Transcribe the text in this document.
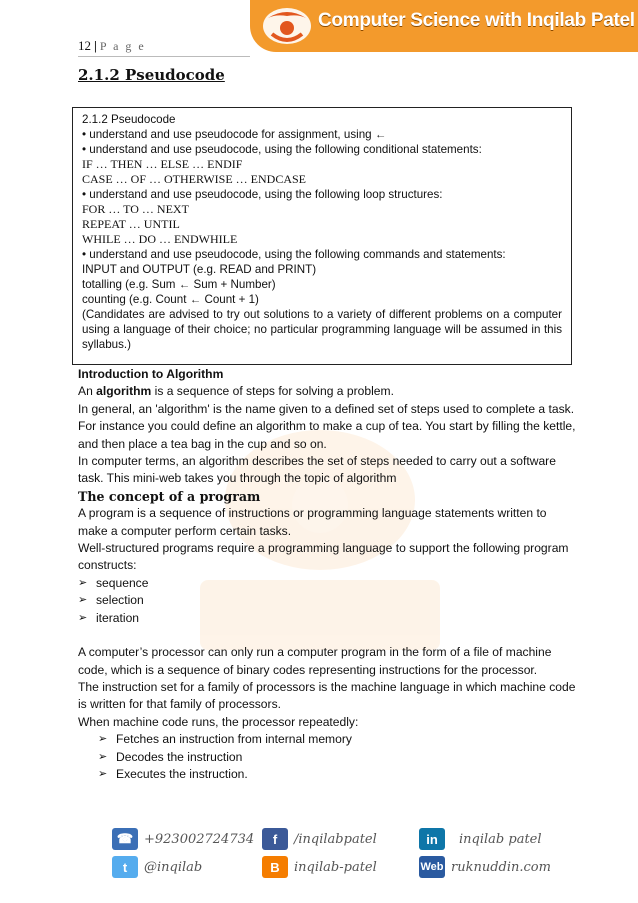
12 | P a g e
Computer Science with Inqilab Patel
2.1.2 Pseudocode
2.1.2 Pseudocode
• understand and use pseudocode for assignment, using ←
• understand and use pseudocode, using the following conditional statements:
IF … THEN … ELSE … ENDIF
CASE … OF … OTHERWISE … ENDCASE
• understand and use pseudocode, using the following loop structures:
FOR … TO … NEXT
REPEAT … UNTIL
WHILE … DO … ENDWHILE
• understand and use pseudocode, using the following commands and statements:
INPUT and OUTPUT (e.g. READ and PRINT)
totalling (e.g. Sum ← Sum + Number)
counting (e.g. Count ← Count + 1)
(Candidates are advised to try out solutions to a variety of different problems on a computer using a language of their choice; no particular programming language will be assumed in this syllabus.)

Introduction to Algorithm

An algorithm is a sequence of steps for solving a problem.

In general, an 'algorithm' is the name given to a defined set of steps used to complete a task.

For instance you could define an algorithm to make a cup of tea. You start by filling the kettle, and then place a tea bag in the cup and so on.

In computer terms, an algorithm describes the set of steps needed to carry out a software task. This mini-web takes you through the topic of algorithm

The concept of a program

A program is a sequence of instructions or programming language statements written to make a computer perform certain tasks.

Well-structured programs require a programming language to support the following program constructs:

➢ sequence
➢ selection
➢ iteration

A computer’s processor can only run a computer program in the form of a file of machine code, which is a sequence of binary codes representing instructions for the processor.

The instruction set for a family of processors is the machine language in which machine code is written for that family of processors.

When machine code runs, the processor repeatedly:

➢ Fetches an instruction from internal memory
➢ Decodes the instruction
➢ Executes the instruction.
☎ +923002724734	f	/inqilabpatel	in	inqilab patel
t	@inqilab	B	inqilab-patel	Web ruknuddin.com
